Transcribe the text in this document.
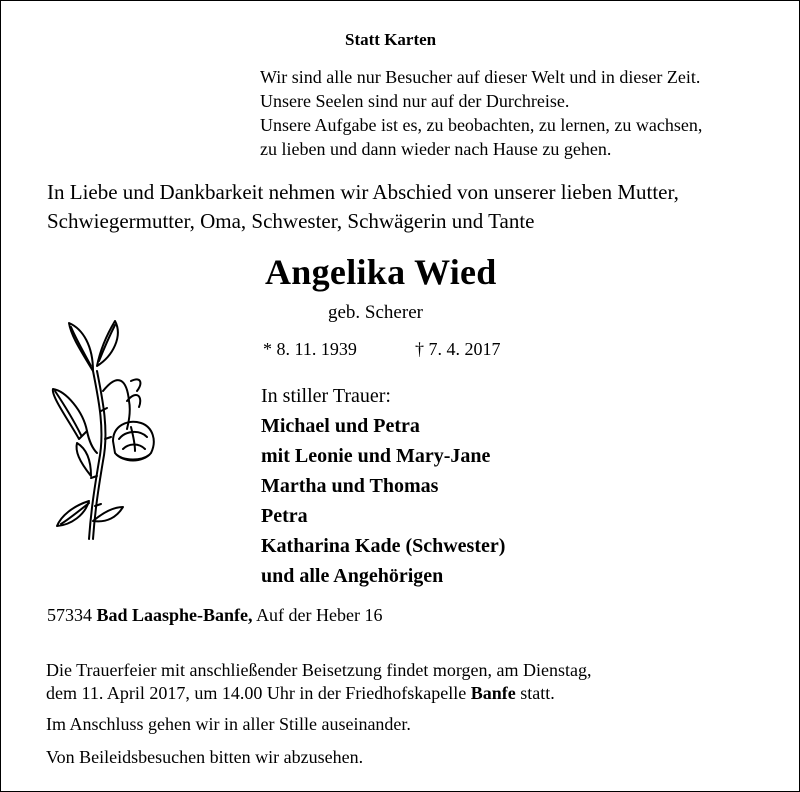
Statt Karten
Wir sind alle nur Besucher auf dieser Welt und in dieser Zeit.
Unsere Seelen sind nur auf der Durchreise.
Unsere Aufgabe ist es, zu beobachten, zu lernen, zu wachsen,
zu lieben und dann wieder nach Hause zu gehen.
In Liebe und Dankbarkeit nehmen wir Abschied von unserer lieben Mutter,
Schwiegermutter, Oma, Schwester, Schwägerin und Tante
Angelika Wied
geb. Scherer
* 8. 11. 1939	† 7. 4. 2017
In stiller Trauer:
Michael und Petra
mit Leonie und Mary-Jane
Martha und Thomas
Petra
Katharina Kade (Schwester)
und alle Angehörigen
57334 Bad Laasphe-Banfe, Auf der Heber 16
Die Trauerfeier mit anschließender Beisetzung findet morgen, am Dienstag,
dem 11. April 2017, um 14.00 Uhr in der Friedhofskapelle Banfe statt.
Im Anschluss gehen wir in aller Stille auseinander.
Von Beileidsbesuchen bitten wir abzusehen.
